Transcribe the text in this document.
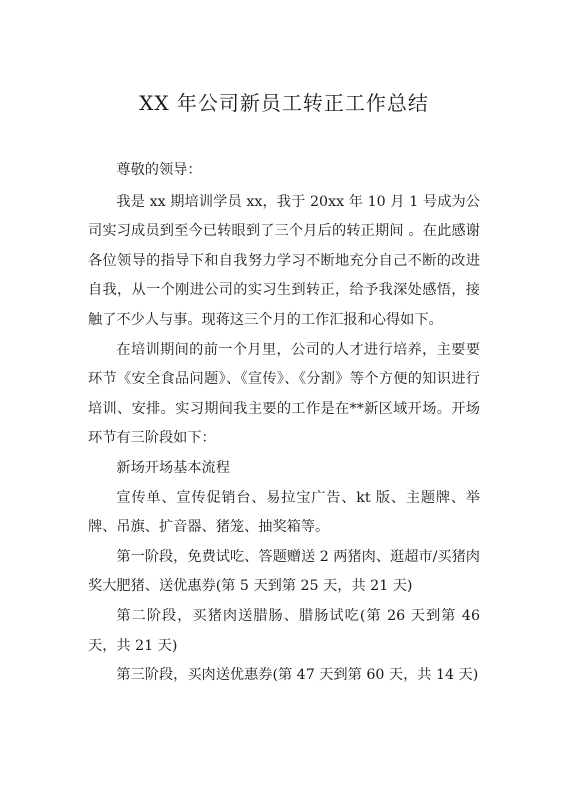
XX 年公司新员工转正工作总结

尊敬的领导：

我是 xx 期培训学员 xx，我于 20xx 年 10 月 1 号成为公司实习成员到至今已转眼到了三个月后的转正期间 。在此感谢各位领导的指导下和自我努力学习不断地充分自己不断的改进自我，从一个刚进公司的实习生到转正，给予我深处感悟，接触了不少人与事。现蒋这三个月的工作汇报和心得如下。

在培训期间的前一个月里，公司的人才进行培养，主要要环节《安全食品问题》、《宣传》、《分割》等个方便的知识进行培训、安排。实习期间我主要的工作是在**新区域开场。开场环节有三阶段如下：

新场开场基本流程

宣传单、宣传促销台、易拉宝广告、kt 版、主题牌、举牌、吊旗、扩音器、猪笼、抽奖箱等。

第一阶段，免费试吃、答题赠送 2 两猪肉、逛超市/买猪肉奖大肥猪、送优惠券(第 5 天到第 25 天，共 21 天)

第二阶段，买猪肉送腊肠、腊肠试吃(第 26 天到第 46 天，共 21 天)

第三阶段，买肉送优惠券(第 47 天到第 60 天，共 14 天)
